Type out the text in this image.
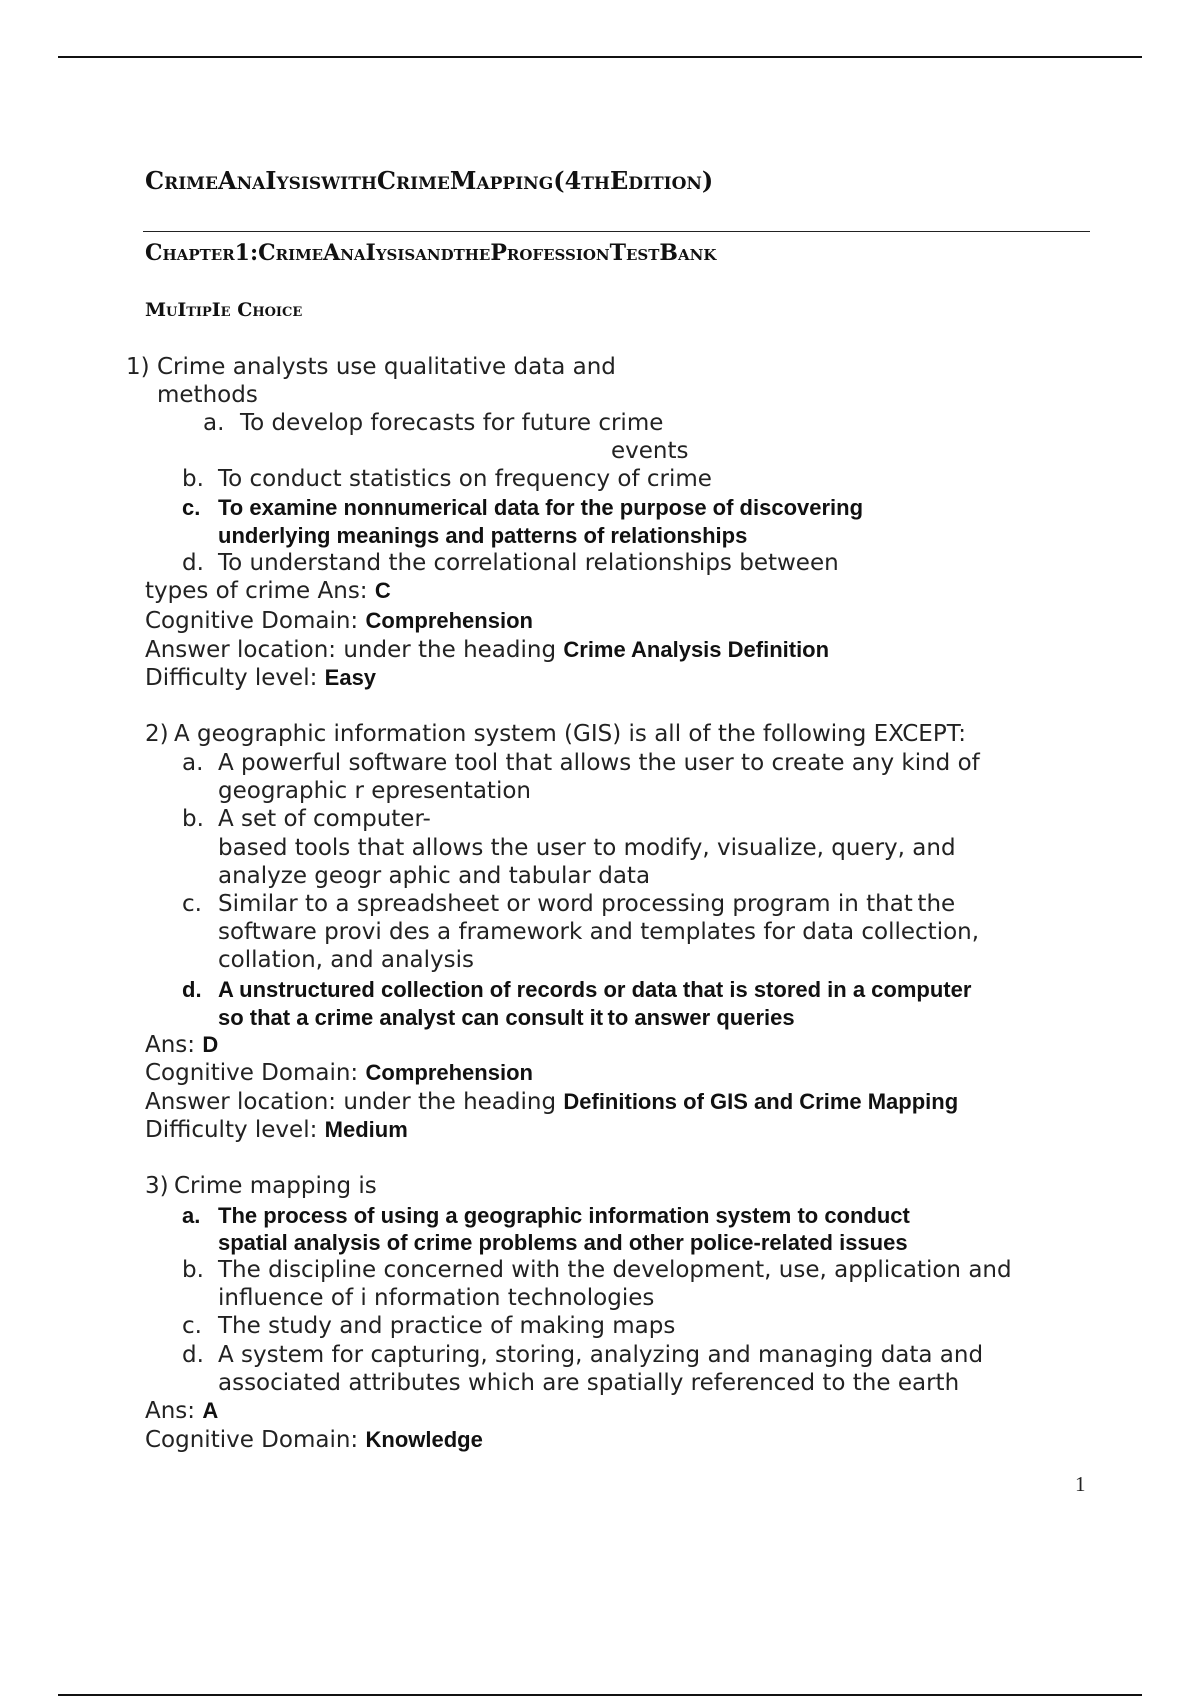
CrimeAnaIysiswithCrimeMapping(4thEdition)
Chapter1:CrimeAnaIysisandtheProfessionTestBank
MuItipIe Choice
1) Crime analysts use qualitative data and
methods
a. To develop forecasts for future crime
events
b. To conduct statistics on frequency of crime
c. To examine nonnumerical data for the purpose of discovering
underlying meanings and patterns of relationships
d. To understand the correlational relationships between

types of crime Ans: C

Cognitive Domain: Comprehension

Answer location: under the heading Crime Analysis Definition

Difficulty level: Easy

2) A geographic information system (GIS) is all of the following EXCEPT:
a. A powerful software tool that allows the user to create any kind of
geographic r epresentation
b. A set of computer-
based tools that allows the user to modify, visualize, query, and
analyze geogr aphic and tabular data
c. Similar to a spreadsheet or word processing program in that the
software provi des a framework and templates for data collection,
collation, and analysis
d. A unstructured collection of records or data that is stored in a computer
so that a crime analyst can consult it to answer queries

Ans: D

Cognitive Domain: Comprehension

Answer location: under the heading Definitions of GIS and Crime Mapping

Difficulty level: Medium

3) Crime mapping is
a. The process of using a geographic information system to conduct
spatial analysis of crime problems and other police-related issues
b. The discipline concerned with the development, use, application and
influence of i nformation technologies
c. The study and practice of making maps
d. A system for capturing, storing, analyzing and managing data and
associated attributes which are spatially referenced to the earth

Ans: A

Cognitive Domain: Knowledge

1
